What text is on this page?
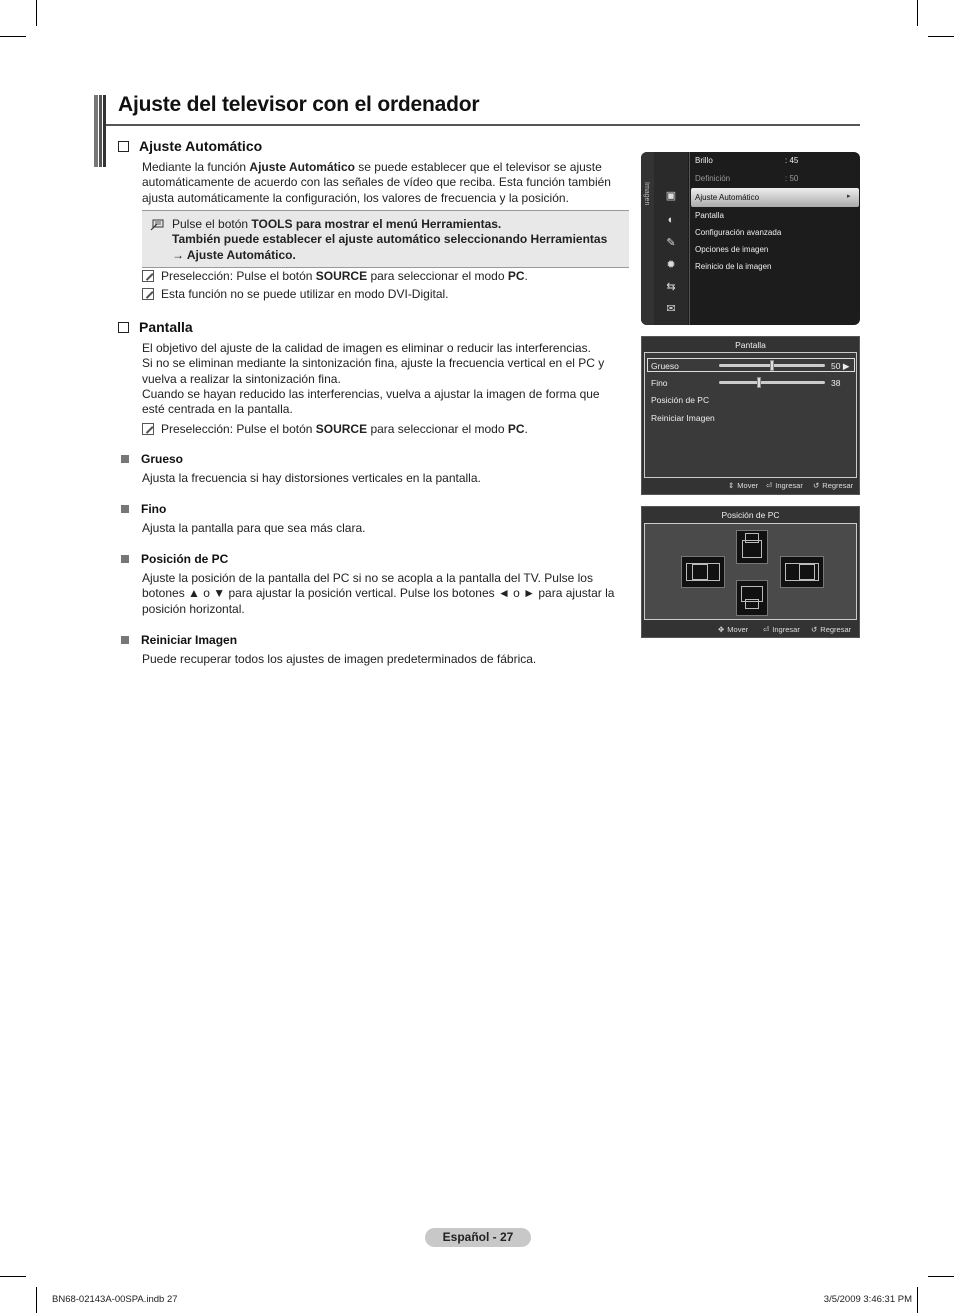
Ajuste del televisor con el ordenador
Ajuste Automático
Mediante la función Ajuste Automático se puede establecer que el televisor se ajuste
automáticamente de acuerdo con las señales de vídeo que reciba. Esta función también
ajusta automáticamente la configuración, los valores de frecuencia y la posición.
Pulse el botón TOOLS para mostrar el menú Herramientas.
También puede establecer el ajuste automático seleccionando Herramientas
→ Ajuste Automático.
Preselección: Pulse el botón SOURCE para seleccionar el modo PC.
Esta función no se puede utilizar en modo DVI-Digital.
Pantalla
El objetivo del ajuste de la calidad de imagen es eliminar o reducir las interferencias.
Si no se eliminan mediante la sintonización fina, ajuste la frecuencia vertical en el PC y
vuelva a realizar la sintonización fina.
Cuando se hayan reducido las interferencias, vuelva a ajustar la imagen de forma que
esté centrada en la pantalla.
Preselección: Pulse el botón SOURCE para seleccionar el modo PC.
Grueso
Ajusta la frecuencia si hay distorsiones verticales en la pantalla.
Fino
Ajusta la pantalla para que sea más clara.
Posición de PC
Ajuste la posición de la pantalla del PC si no se acopla a la pantalla del TV. Pulse los
botones ▲ o ▼ para ajustar la posición vertical. Pulse los botones ◄ o ► para ajustar la
posición horizontal.
Reiniciar Imagen
Puede recuperar todos los ajustes de imagen predeterminados de fábrica.
Imagen ▣
◐
✎
✹
⇆
✉
Brillo	: 45
Definición	: 50
Ajuste Automático	▸
Pantalla
Configuración avanzada
Opciones de imagen
Reinicio de la imagen
Pantalla
Grueso	50 ▶
Fino	38
Posición de PC
Reiniciar Imagen
⇕ Mover ⏎ Ingresar ↺ Regresar
Posición de PC
✥ Mover ⏎ Ingresar ↺ Regresar
Español - 27
BN68-02143A-00SPA.indb 27	3/5/2009 3:46:31 PM
